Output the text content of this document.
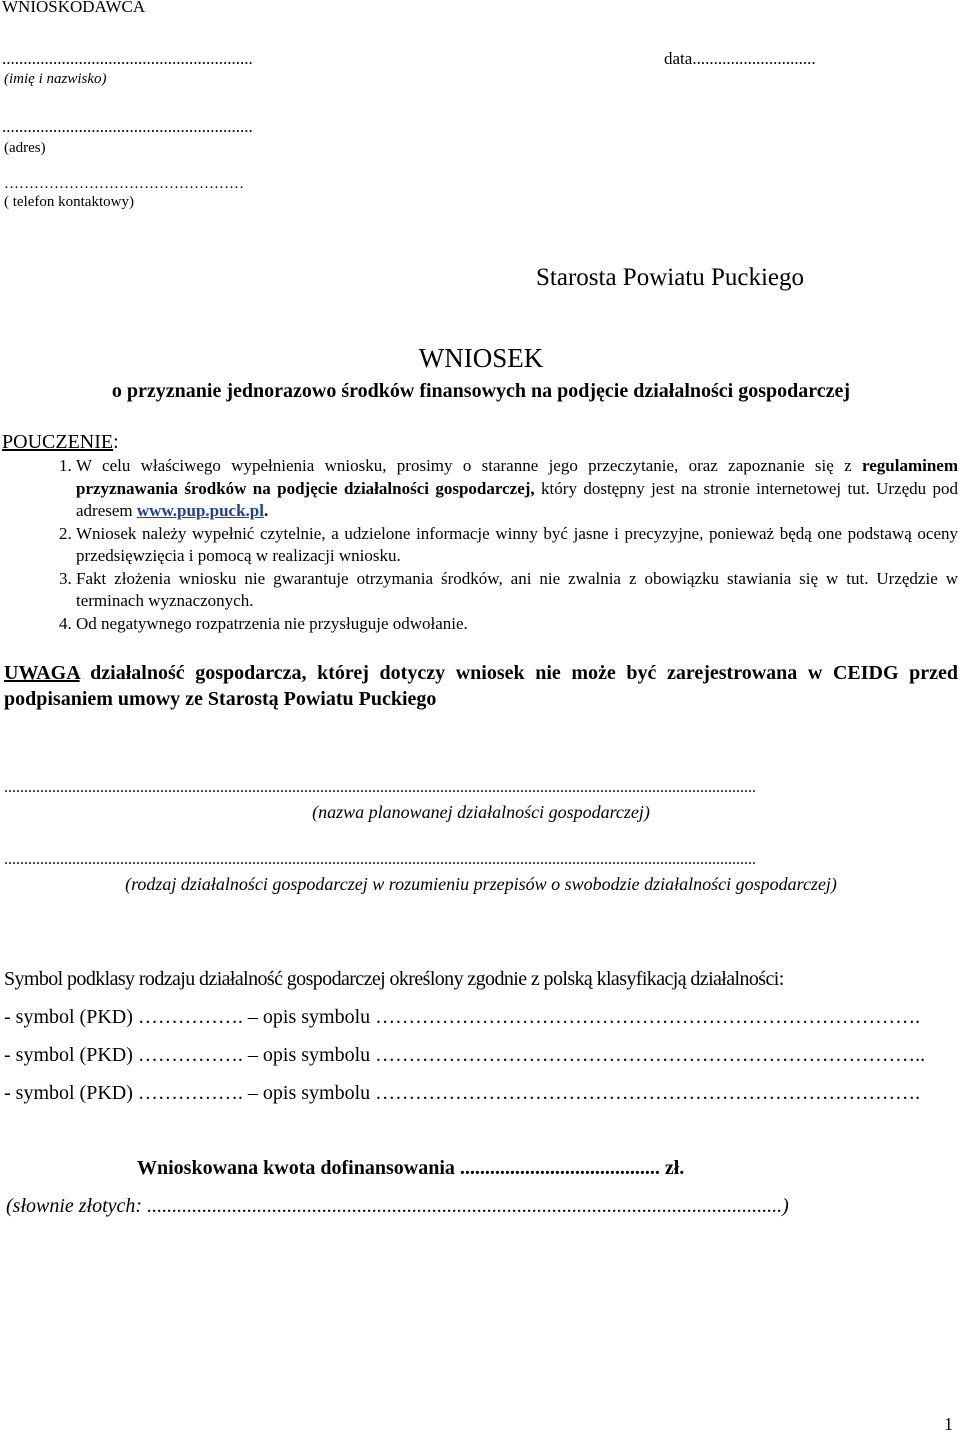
WNIOSKODAWCA
...........................................................
(imię i nazwisko)
data.............................
...........................................................
(adres)
…………………………………………
( telefon kontaktowy)
Starosta Powiatu Puckiego
WNIOSEK
o przyznanie jednorazowo środków finansowych na podjęcie działalności gospodarczej
POUCZENIE:
1. W celu właściwego wypełnienia wniosku, prosimy o staranne jego przeczytanie, oraz zapoznanie się z regulaminem przyznawania środków na podjęcie działalności gospodarczej, który dostępny jest na stronie internetowej tut. Urzędu pod adresem www.pup.puck.pl.
2. Wniosek należy wypełnić czytelnie, a udzielone informacje winny być jasne i precyzyjne, ponieważ będą one podstawą oceny przedsięwzięcia i pomocą w realizacji wniosku.
3. Fakt złożenia wniosku nie gwarantuje otrzymania środków, ani nie zwalnia z obowiązku stawiania się w tut. Urzędzie w terminach wyznaczonych.
4. Od negatywnego rozpatrzenia nie przysługuje odwołanie.
UWAGA działalność gospodarcza, której dotyczy wniosek nie może być zarejestrowana w CEIDG przed podpisaniem umowy ze Starostą Powiatu Puckiego
............................................................................................................................................................................................
(nazwa planowanej działalności gospodarczej)
............................................................................................................................................................................................
(rodzaj działalności gospodarczej w rozumieniu przepisów o swobodzie działalności gospodarczej)
Symbol podklasy rodzaju działalność gospodarczej określony zgodnie z polską klasyfikacją działalności:
- symbol (PKD) ……………. – opis symbolu ……………………………………………………………………….
- symbol (PKD) ……………. – opis symbolu ………………………………………………………………………..
- symbol (PKD) ……………. – opis symbolu ……………………………………………………………………….
Wnioskowana kwota dofinansowania ........................................ zł.
(słownie złotych: ...............................................................................................................................)
1
